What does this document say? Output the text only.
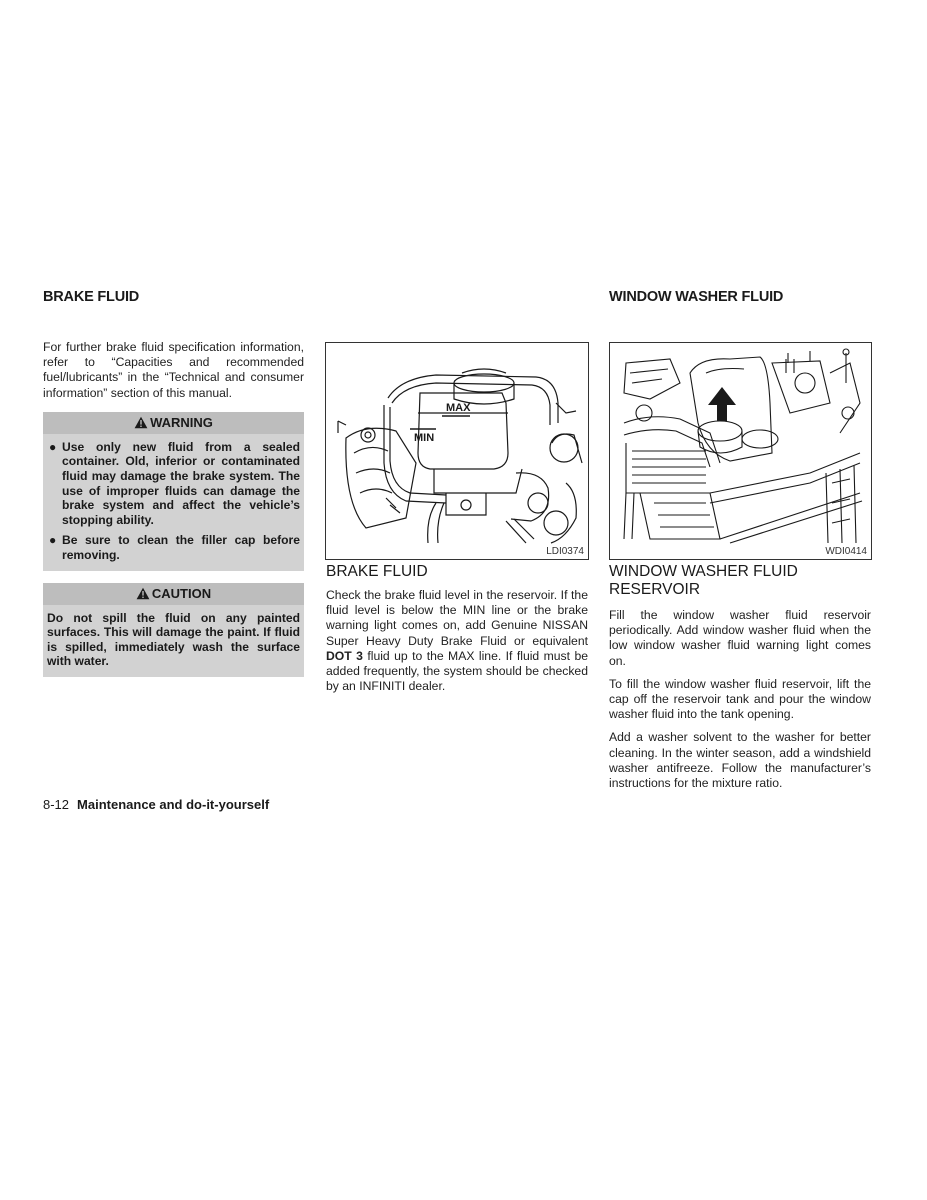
BRAKE FLUID	WINDOW WASHER FLUID

For further brake fluid specification information, refer to “Capacities and recommended fuel/lubricants” in the “Technical and consumer information” section of this manual.

WARNING
● Use only new fluid from a sealed container. Old, inferior or contaminated fluid may damage the brake system. The use of improper fluids can damage the brake system and affect the vehicle’s stopping ability.
● Be sure to clean the filler cap before removing.
CAUTION

Do not spill the fluid on any painted surfaces. This will damage the paint. If fluid is spilled, immediately wash the surface with water.

MAX
MIN
LDI0374

BRAKE FLUID

Check the brake fluid level in the reservoir. If the fluid level is below the MIN line or the brake warning light comes on, add Genuine NISSAN Super Heavy Duty Brake Fluid or equivalent DOT 3 fluid up to the MAX line. If fluid must be added frequently, the system should be checked by an INFINITI dealer.

WDI0414

WINDOW WASHER FLUID RESERVOIR

Fill the window washer fluid reservoir periodically. Add window washer fluid when the low window washer fluid warning light comes on.

To fill the window washer fluid reservoir, lift the cap off the reservoir tank and pour the window washer fluid into the tank opening.

Add a washer solvent to the washer for better cleaning. In the winter season, add a windshield washer antifreeze. Follow the manufacturer’s instructions for the mixture ratio.

8-12 Maintenance and do-it-yourself
